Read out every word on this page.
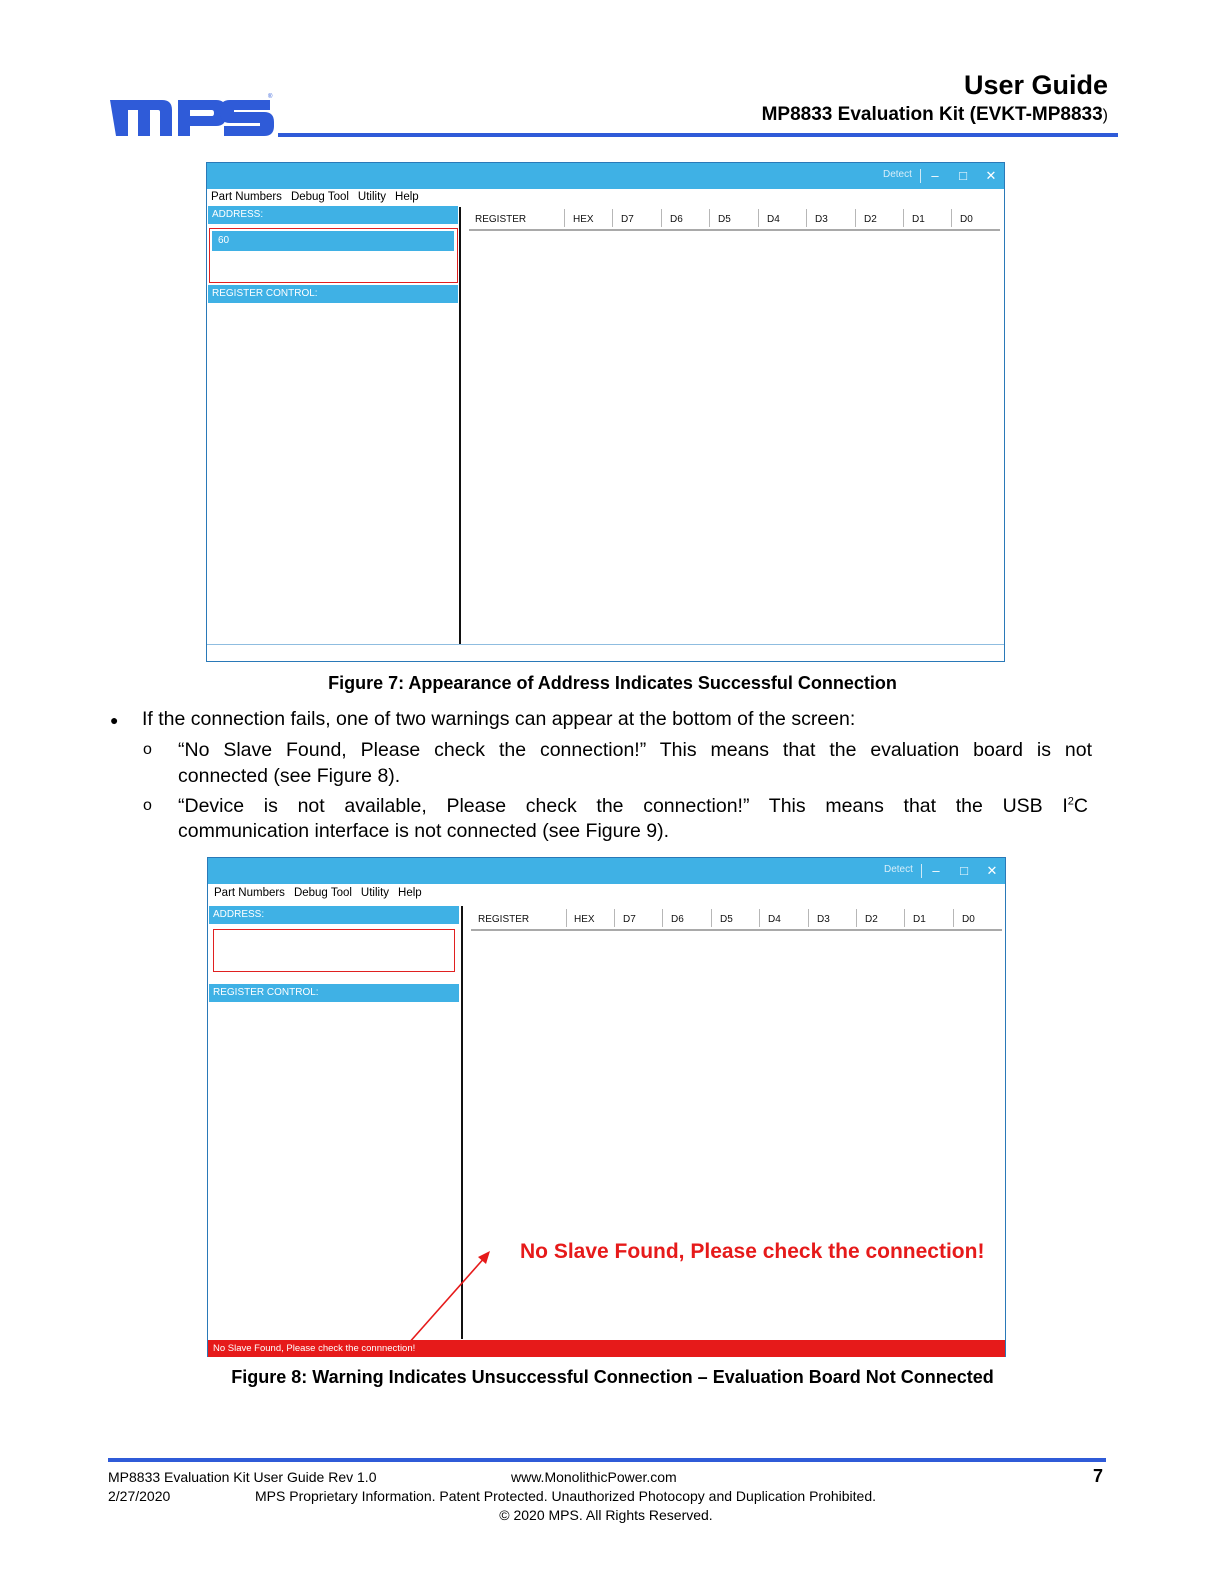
®	User Guide
MP8833 Evaluation Kit (EVKT-MP8833)
Detect	–	□	✕
Part Numbers Debug Tool Utility Help
ADDRESS:
60
REGISTER CONTROL:
REGISTER	HEX	D7	D6	D5	D4	D3	D2	D1	D0
Figure 7: Appearance of Address Indicates Successful Connection
● If the connection fails, one of two warnings can appear at the bottom of the screen:
o “No Slave Found, Please check the connection!” This means that the evaluation board is not
connected (see Figure 8).
o “Device is not available, Please check the connection!” This means that the USB $I^2C$
communication interface is not connected (see Figure 9).
Detect	–	□	✕
Part Numbers Debug Tool Utility Help
ADDRESS:
REGISTER CONTROL:
REGISTER	HEX	D7	D6	D5	D4	D3	D2	D1	D0
No Slave Found, Please check the connnection!
No Slave Found, Please check the connection!
Figure 8: Warning Indicates Unsuccessful Connection – Evaluation Board Not Connected
MP8833 Evaluation Kit User Guide Rev 1.0	www.MonolithicPower.com	7
2/27/2020	MPS Proprietary Information. Patent Protected. Unauthorized Photocopy and Duplication Prohibited.
© 2020 MPS. All Rights Reserved.
